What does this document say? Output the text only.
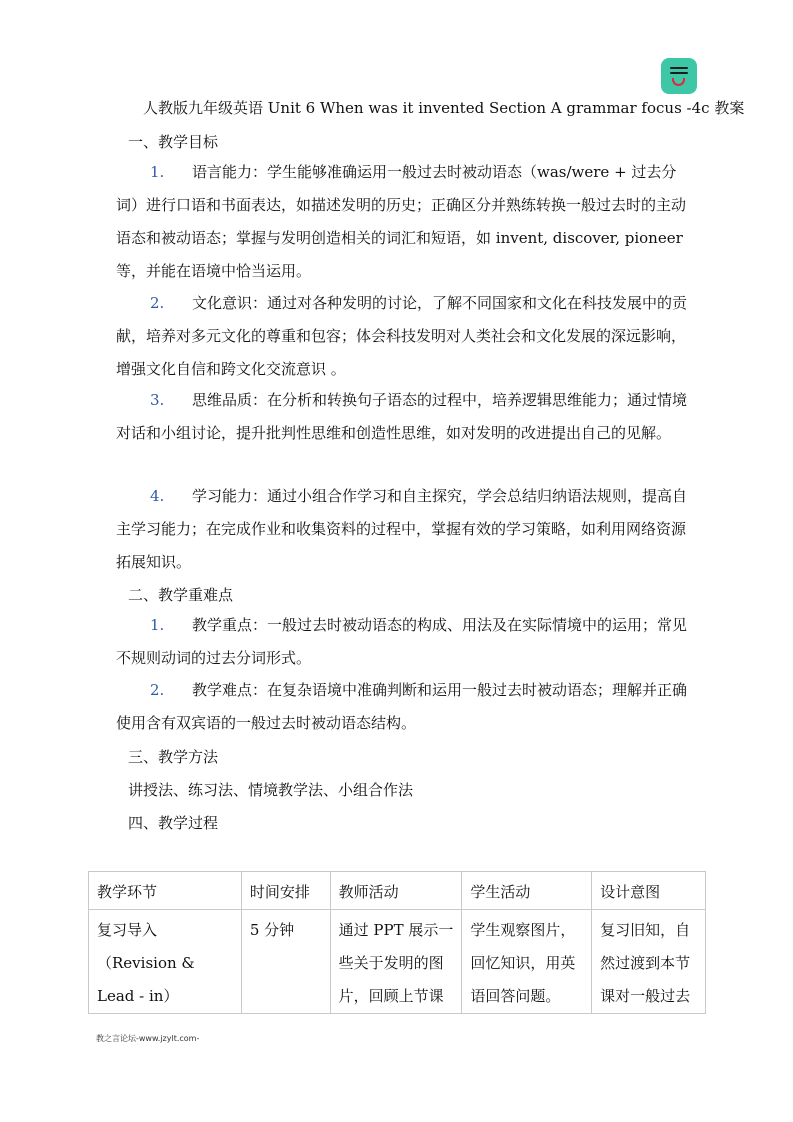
人教版九年级英语 Unit 6 When was it invented Section A grammar focus -4c 教案
一、教学目标
1. 语言能力：学生能够准确运用一般过去时被动语态（was/were + 过去分词）进行口语和书面表达，如描述发明的历史；正确区分并熟练转换一般过去时的主动语态和被动语态；掌握与发明创造相关的词汇和短语，如 invent, discover, pioneer 等，并能在语境中恰当运用。
2. 文化意识：通过对各种发明的讨论，了解不同国家和文化在科技发展中的贡献，培养对多元文化的尊重和包容；体会科技发明对人类社会和文化发展的深远影响，增强文化自信和跨文化交流意识 。
3. 思维品质：在分析和转换句子语态的过程中，培养逻辑思维能力；通过情境对话和小组讨论，提升批判性思维和创造性思维，如对发明的改进提出自己的见解。
4. 学习能力：通过小组合作学习和自主探究，学会总结归纳语法规则，提高自主学习能力；在完成作业和收集资料的过程中，掌握有效的学习策略，如利用网络资源拓展知识。
二、教学重难点
1. 教学重点：一般过去时被动语态的构成、用法及在实际情境中的运用；常见不规则动词的过去分词形式。
2. 教学难点：在复杂语境中准确判断和运用一般过去时被动语态；理解并正确使用含有双宾语的一般过去时被动语态结构。
三、教学方法
讲授法、练习法、情境教学法、小组合作法
四、教学过程
教学环节	时间安排	教师活动	学生活动	设计意图
复习导入（Revision & Lead - in）	5 分钟	通过 PPT 展示一些关于发明的图片，回顾上节课	学生观察图片，回忆知识，用英语回答问题。	复习旧知，自然过渡到本节课对一般过去
教之言论坛-www.jzylt.com-
